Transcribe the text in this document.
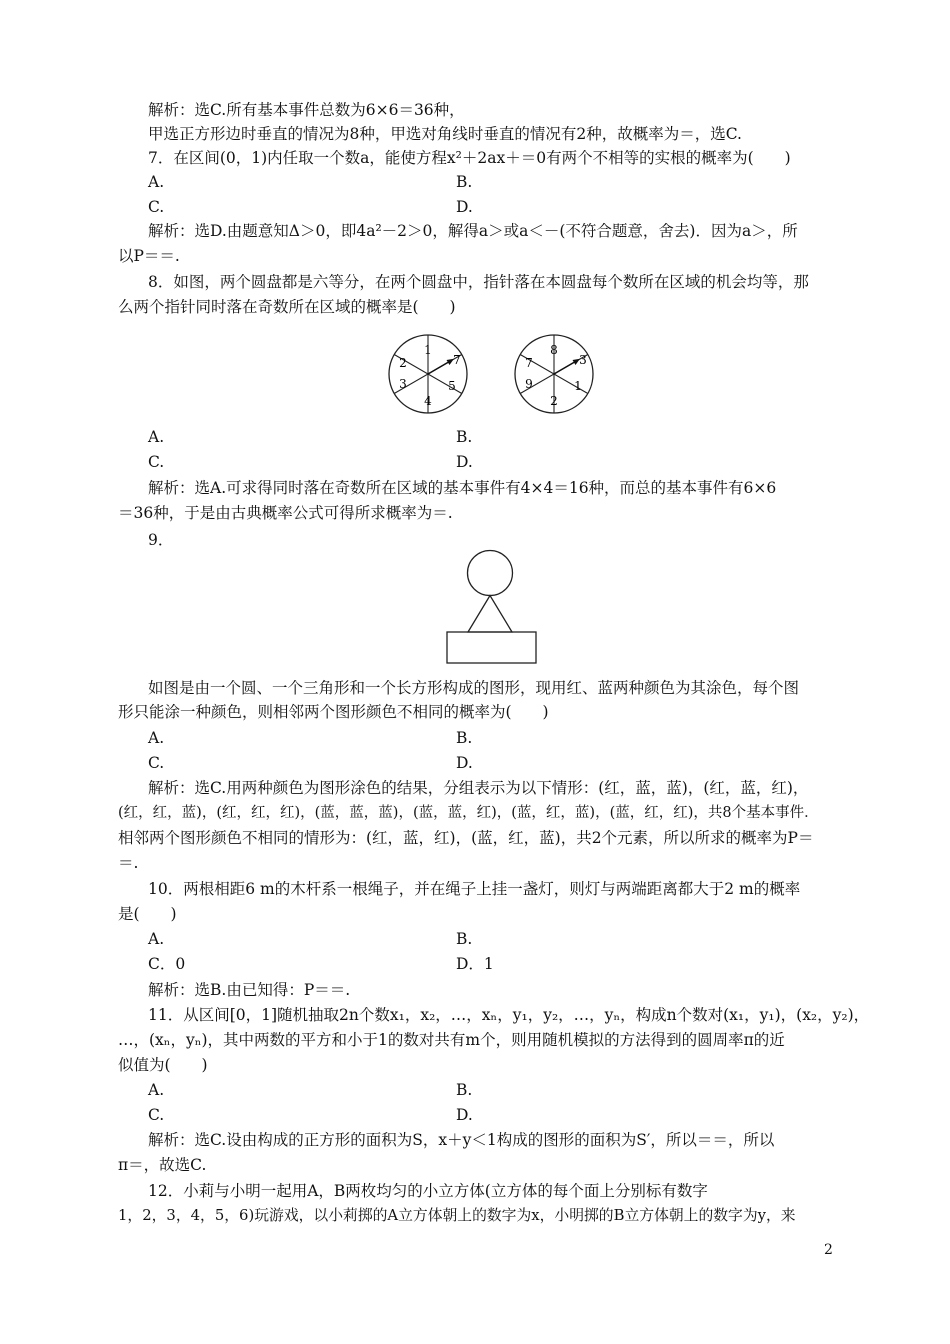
解析：选C.所有基本事件总数为6×6＝36种，
甲选正方形边时垂直的情况为8种，甲选对角线时垂直的情况有2种，故概率为＝，选C.
7．在区间(0，1)内任取一个数a，能使方程x²＋2ax＋＝0有两个不相等的实根的概率为(　　)
A.	B.
C.	D.
解析：选D.由题意知Δ＞0，即4a²－2＞0，解得a＞或a＜－(不符合题意，舍去)．因为a＞，所
以P＝＝.
8．如图，两个圆盘都是六等分，在两个圆盘中，指针落在本圆盘每个数所在区域的机会均等，那
么两个指针同时落在奇数所在区域的概率是(　　)
1
7
5
4
3
2
8
3
1
2
9
7
A.	B.
C.	D.
解析：选A.可求得同时落在奇数所在区域的基本事件有4×4＝16种，而总的基本事件有6×6
＝36种，于是由古典概率公式可得所求概率为＝.
9．
如图是由一个圆、一个三角形和一个长方形构成的图形，现用红、蓝两种颜色为其涂色，每个图
形只能涂一种颜色，则相邻两个图形颜色不相同的概率为(　　)
A.	B.
C.	D.
解析：选C.用两种颜色为图形涂色的结果，分组表示为以下情形：(红，蓝，蓝)，(红，蓝，红)，
(红，红，蓝)，(红，红，红)，(蓝，蓝，蓝)，(蓝，蓝，红)，(蓝，红，蓝)，(蓝，红，红)，共8个基本事件．
相邻两个图形颜色不相同的情形为：(红，蓝，红)，(蓝，红，蓝)，共2个元素，所以所求的概率为P＝
＝.
10．两根相距6 m的木杆系一根绳子，并在绳子上挂一盏灯，则灯与两端距离都大于2 m的概率
是(　　)
A.	B.
C．0	D．1
解析：选B.由已知得：P＝＝.
11．从区间[0，1]随机抽取2n个数x₁，x₂，…，xₙ，y₁，y₂，…，yₙ，构成n个数对(x₁，y₁)，(x₂，y₂)，
…，(xₙ，yₙ)，其中两数的平方和小于1的数对共有m个，则用随机模拟的方法得到的圆周率π的近
似值为(　　)
A.	B.
C.	D.
解析：选C.设由构成的正方形的面积为S，x＋y＜1构成的图形的面积为S′，所以＝＝，所以
π＝，故选C.
12．小莉与小明一起用A，B两枚均匀的小立方体(立方体的每个面上分别标有数字
1，2，3，4，5，6)玩游戏，以小莉掷的A立方体朝上的数字为x，小明掷的B立方体朝上的数字为y，来
2
